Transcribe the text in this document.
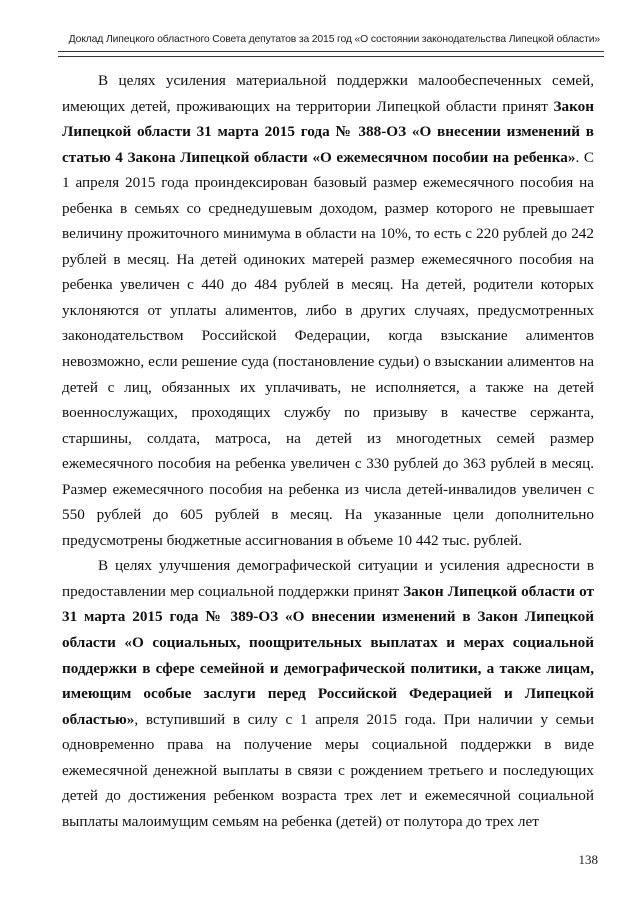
Доклад Липецкого областного Совета депутатов за 2015 год «О состоянии законодательства Липецкой области»

В целях усиления материальной поддержки малообеспеченных семей, имеющих детей, проживающих на территории Липецкой области принят Закон Липецкой области 31 марта 2015 года № 388-ОЗ «О внесении изменений в статью 4 Закона Липецкой области «О ежемесячном пособии на ребенка». С 1 апреля 2015 года проиндексирован базовый размер ежемесячного пособия на ребенка в семьях со среднедушевым доходом, размер которого не превышает величину прожиточного минимума в области на 10%, то есть с 220 рублей до 242 рублей в месяц. На детей одиноких матерей размер ежемесячного пособия на ребенка увеличен с 440 до 484 рублей в месяц. На детей, родители которых уклоняются от уплаты алиментов, либо в других случаях, предусмотренных законодательством Российской Федерации, когда взыскание алиментов невозможно, если решение суда (постановление судьи) о взыскании алиментов на детей с лиц, обязанных их уплачивать, не исполняется, а также на детей военнослужащих, проходящих службу по призыву в качестве сержанта, старшины, солдата, матроса, на детей из многодетных семей размер ежемесячного пособия на ребенка увеличен с 330 рублей до 363 рублей в месяц. Размер ежемесячного пособия на ребенка из числа детей-инвалидов увеличен с 550 рублей до 605 рублей в месяц. На указанные цели дополнительно предусмотрены бюджетные ассигнования в объеме 10 442 тыс. рублей.

В целях улучшения демографической ситуации и усиления адресности в предоставлении мер социальной поддержки принят Закон Липецкой области от 31 марта 2015 года № 389-ОЗ «О внесении изменений в Закон Липецкой области «О социальных, поощрительных выплатах и мерах социальной поддержки в сфере семейной и демографической политики, а также лицам, имеющим особые заслуги перед Российской Федерацией и Липецкой областью», вступивший в силу с 1 апреля 2015 года. При наличии у семьи одновременно права на получение меры социальной поддержки в виде ежемесячной денежной выплаты в связи с рождением третьего и последующих детей до достижения ребенком возраста трех лет и ежемесячной социальной выплаты малоимущим семьям на ребенка (детей) от полутора до трех лет

138
